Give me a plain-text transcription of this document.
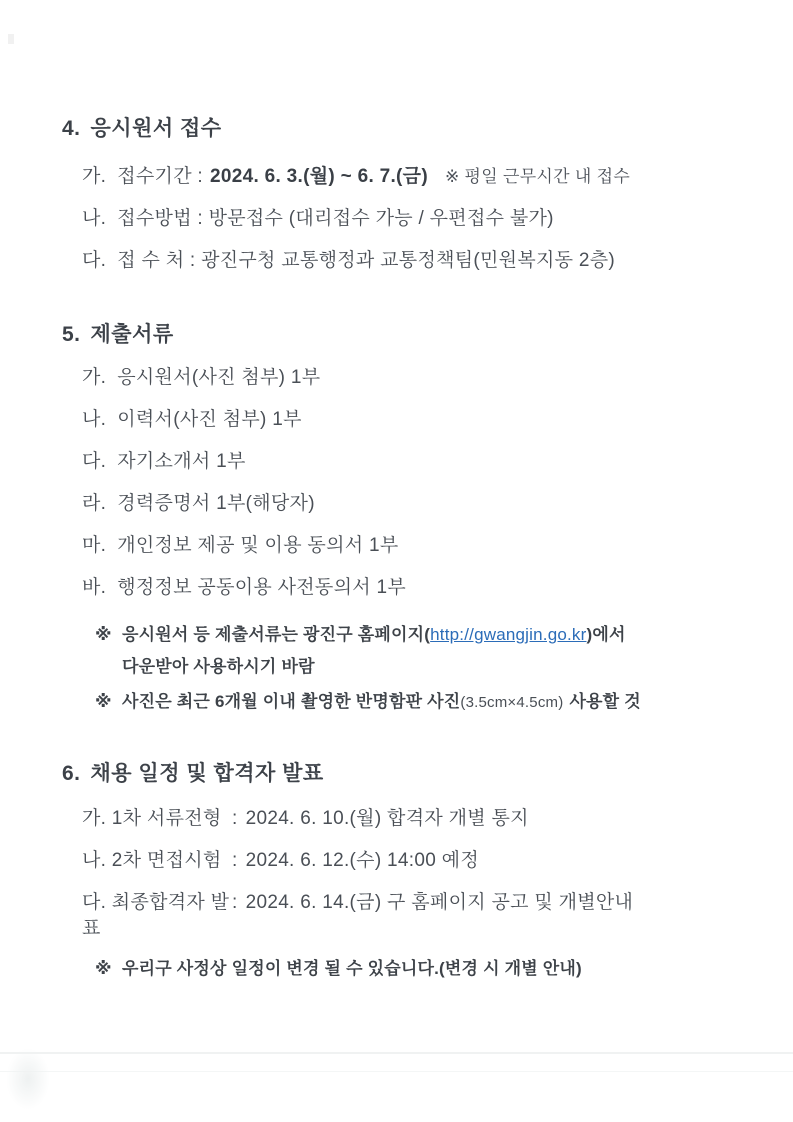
4. 응시원서 접수
가. 접수기간 : 2024. 6. 3.(월) ~ 6. 7.(금) ※ 평일 근무시간 내 접수
나. 접수방법 : 방문접수 (대리접수 가능 / 우편접수 불가)
다. 접 수 처 : 광진구청 교통행정과 교통정책팀(민원복지동 2층)
5. 제출서류
가. 응시원서(사진 첨부) 1부
나. 이력서(사진 첨부) 1부
다. 자기소개서 1부
라. 경력증명서 1부(해당자)
마. 개인정보 제공 및 이용 동의서 1부
바. 행정정보 공동이용 사전동의서 1부
※ 응시원서 등 제출서류는 광진구 홈페이지(http://gwangjin.go.kr)에서
다운받아 사용하시기 바람
※ 사진은 최근 6개월 이내 촬영한 반명함판 사진(3.5cm×4.5cm) 사용할 것
6. 채용 일정 및 합격자 발표
가. 1차 서류전형 : 2024. 6. 10.(월) 합격자 개별 통지
나. 2차 면접시험 : 2024. 6. 12.(수) 14:00 예정
다. 최종합격자 발표
: 2024. 6. 14.(금) 구 홈페이지 공고 및 개별안내
※ 우리구 사정상 일정이 변경 될 수 있습니다.(변경 시 개별 안내)
